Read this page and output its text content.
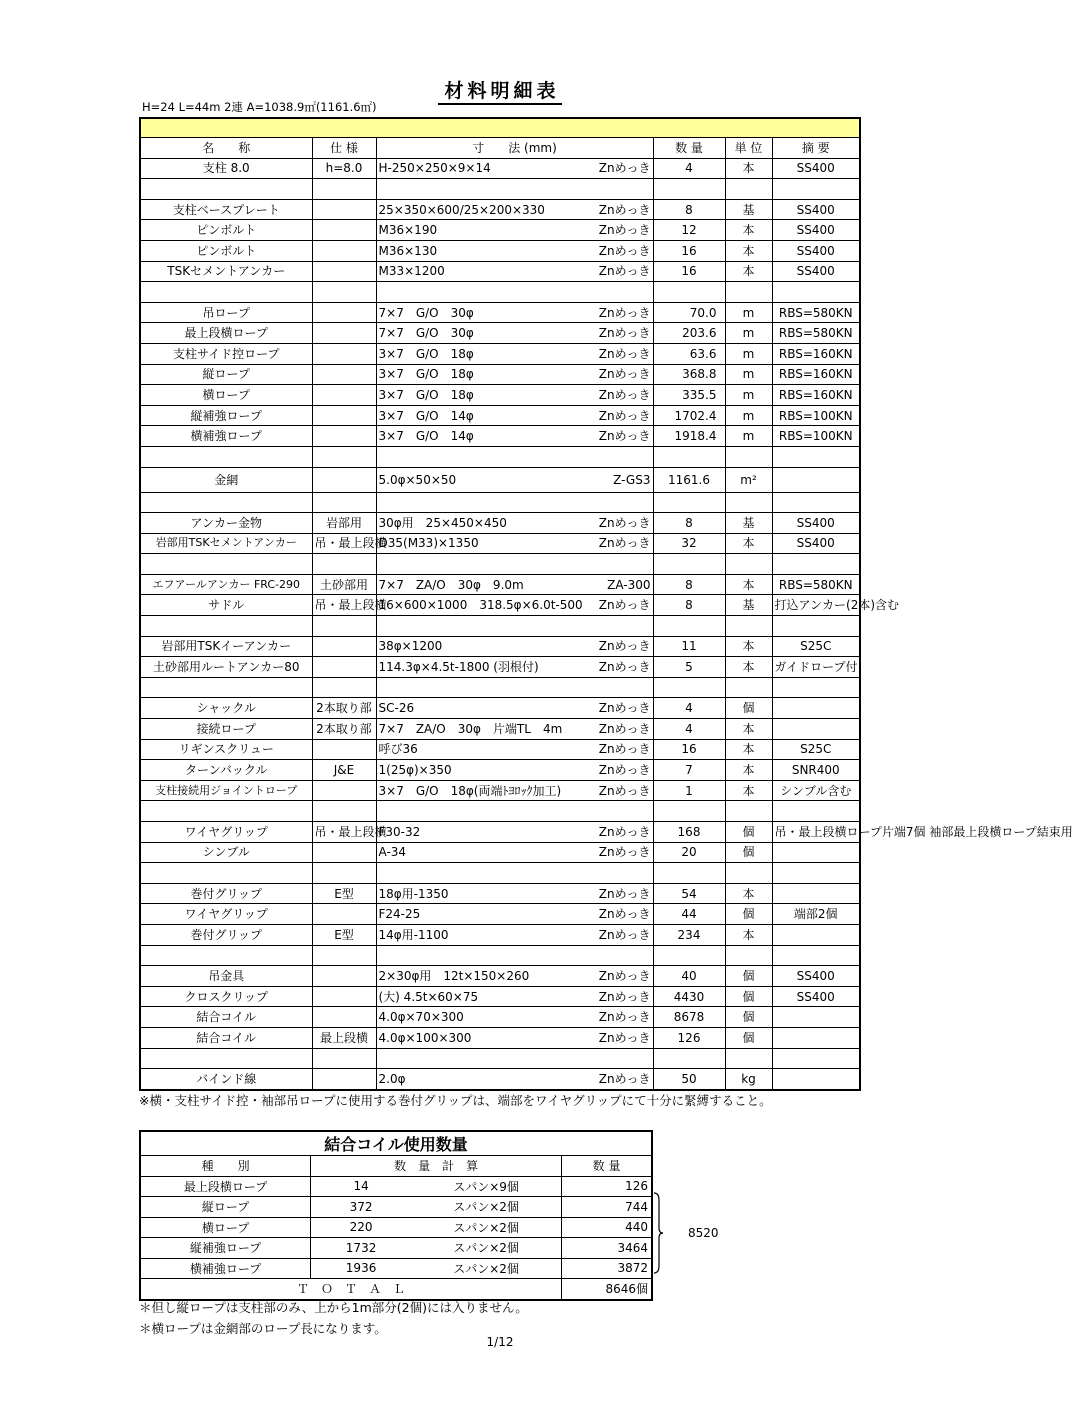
材料明細表
H=24 L=44m 2連 A=1038.9㎡(1161.6㎡)

名　　称	仕 様	寸　　法 (mm)	数 量	単 位	摘 要
支柱 8.0	h=8.0	H-250×250×9×14 Znめっき	4	本	SS400

支柱ベースプレート		25×350×600/25×200×330 Znめっき	8	基	SS400
ピンボルト		M36×190 Znめっき	12	本	SS400
ピンボルト		M36×130 Znめっき	16	本	SS400
TSKセメントアンカー		M33×1200 Znめっき	16	本	SS400

吊ロープ		7×7　G/O　30φ Znめっき	70.0	m	RBS=580KN
最上段横ロープ		7×7　G/O　30φ Znめっき	203.6	m	RBS=580KN
支柱サイド控ロープ		3×7　G/O　18φ Znめっき	63.6	m	RBS=160KN
縦ロープ		3×7　G/O　18φ Znめっき	368.8	m	RBS=160KN
横ロープ		3×7　G/O　18φ Znめっき	335.5	m	RBS=160KN
縦補強ロープ		3×7　G/O　14φ Znめっき	1702.4	m	RBS=100KN
横補強ロープ		3×7　G/O　14φ Znめっき	1918.4	m	RBS=100KN

金網		5.0φ×50×50 Z-GS3	1161.6	m²	

アンカー金物	岩部用	30φ用　25×450×450 Znめっき	8	基	SS400
岩部用TSKセメントアンカー	吊・最上段横	D35(M33)×1350 Znめっき	32	本	SS400

エフアールアンカー FRC-290	土砂部用	7×7　ZA/O　30φ　9.0m ZA-300	8	本	RBS=580KN
サドル	吊・最上段横	16×600×1000　318.5φ×6.0t-500 Znめっき	8	基	打込アンカー(2本)含む

岩部用TSKイーアンカー		38φ×1200 Znめっき	11	本	S25C
土砂部用ルートアンカー80		114.3φ×4.5t-1800 (羽根付) Znめっき	5	本	ガイドロープ付

シャックル	2本取り部	SC-26 Znめっき	4	個	
接続ロープ	2本取り部	7×7　ZA/O　30φ　片端TL　4m Znめっき	4	本	
リギンスクリュー		呼び36 Znめっき	16	本	S25C
ターンバックル	J&E	1(25φ)×350 Znめっき	7	本	SNR400
支柱接続用ジョイントロープ		3×7　G/O　18φ(両端ﾄﾖﾛｯｸ加工) Znめっき	1	本	シンブル含む

ワイヤグリップ	吊・最上段横	F30-32 Znめっき	168	個	吊・最上段横ロープ片端7個 袖部最上段横ロープ結束用
シンブル		A-34 Znめっき	20	個	

巻付グリップ	E型	18φ用-1350 Znめっき	54	本	
ワイヤグリップ		F24-25 Znめっき	44	個	端部2個
巻付グリップ	E型	14φ用-1100 Znめっき	234	本	

吊金具		2×30φ用　12t×150×260 Znめっき	40	個	SS400
クロスクリップ		(大) 4.5t×60×75 Znめっき	4430	個	SS400
結合コイル		4.0φ×70×300 Znめっき	8678	個	
結合コイル	最上段横	4.0φ×100×300 Znめっき	126	個	

バインド線		2.0φ Znめっき	50	kg	
※横・支柱サイド控・袖部吊ロープに使用する巻付グリップは、端部をワイヤグリップにて十分に緊縛すること。
結合コイル使用数量			
種　　別	数　量　計　算		数 量
最上段横ロープ	14	スパン×9個	126
縦ロープ	372	スパン×2個	744
横ロープ	220	スパン×2個	440
縦補強ロープ	1732	スパン×2個	3464
横補強ロープ	1936	スパン×2個	3872
Ｔ　Ｏ　Ｔ　Ａ　Ｌ			8646個
8520
＊但し縦ロープは支柱部のみ、上から1m部分(2個)には入りません。
＊横ロープは金網部のロープ長になります。
1/12
